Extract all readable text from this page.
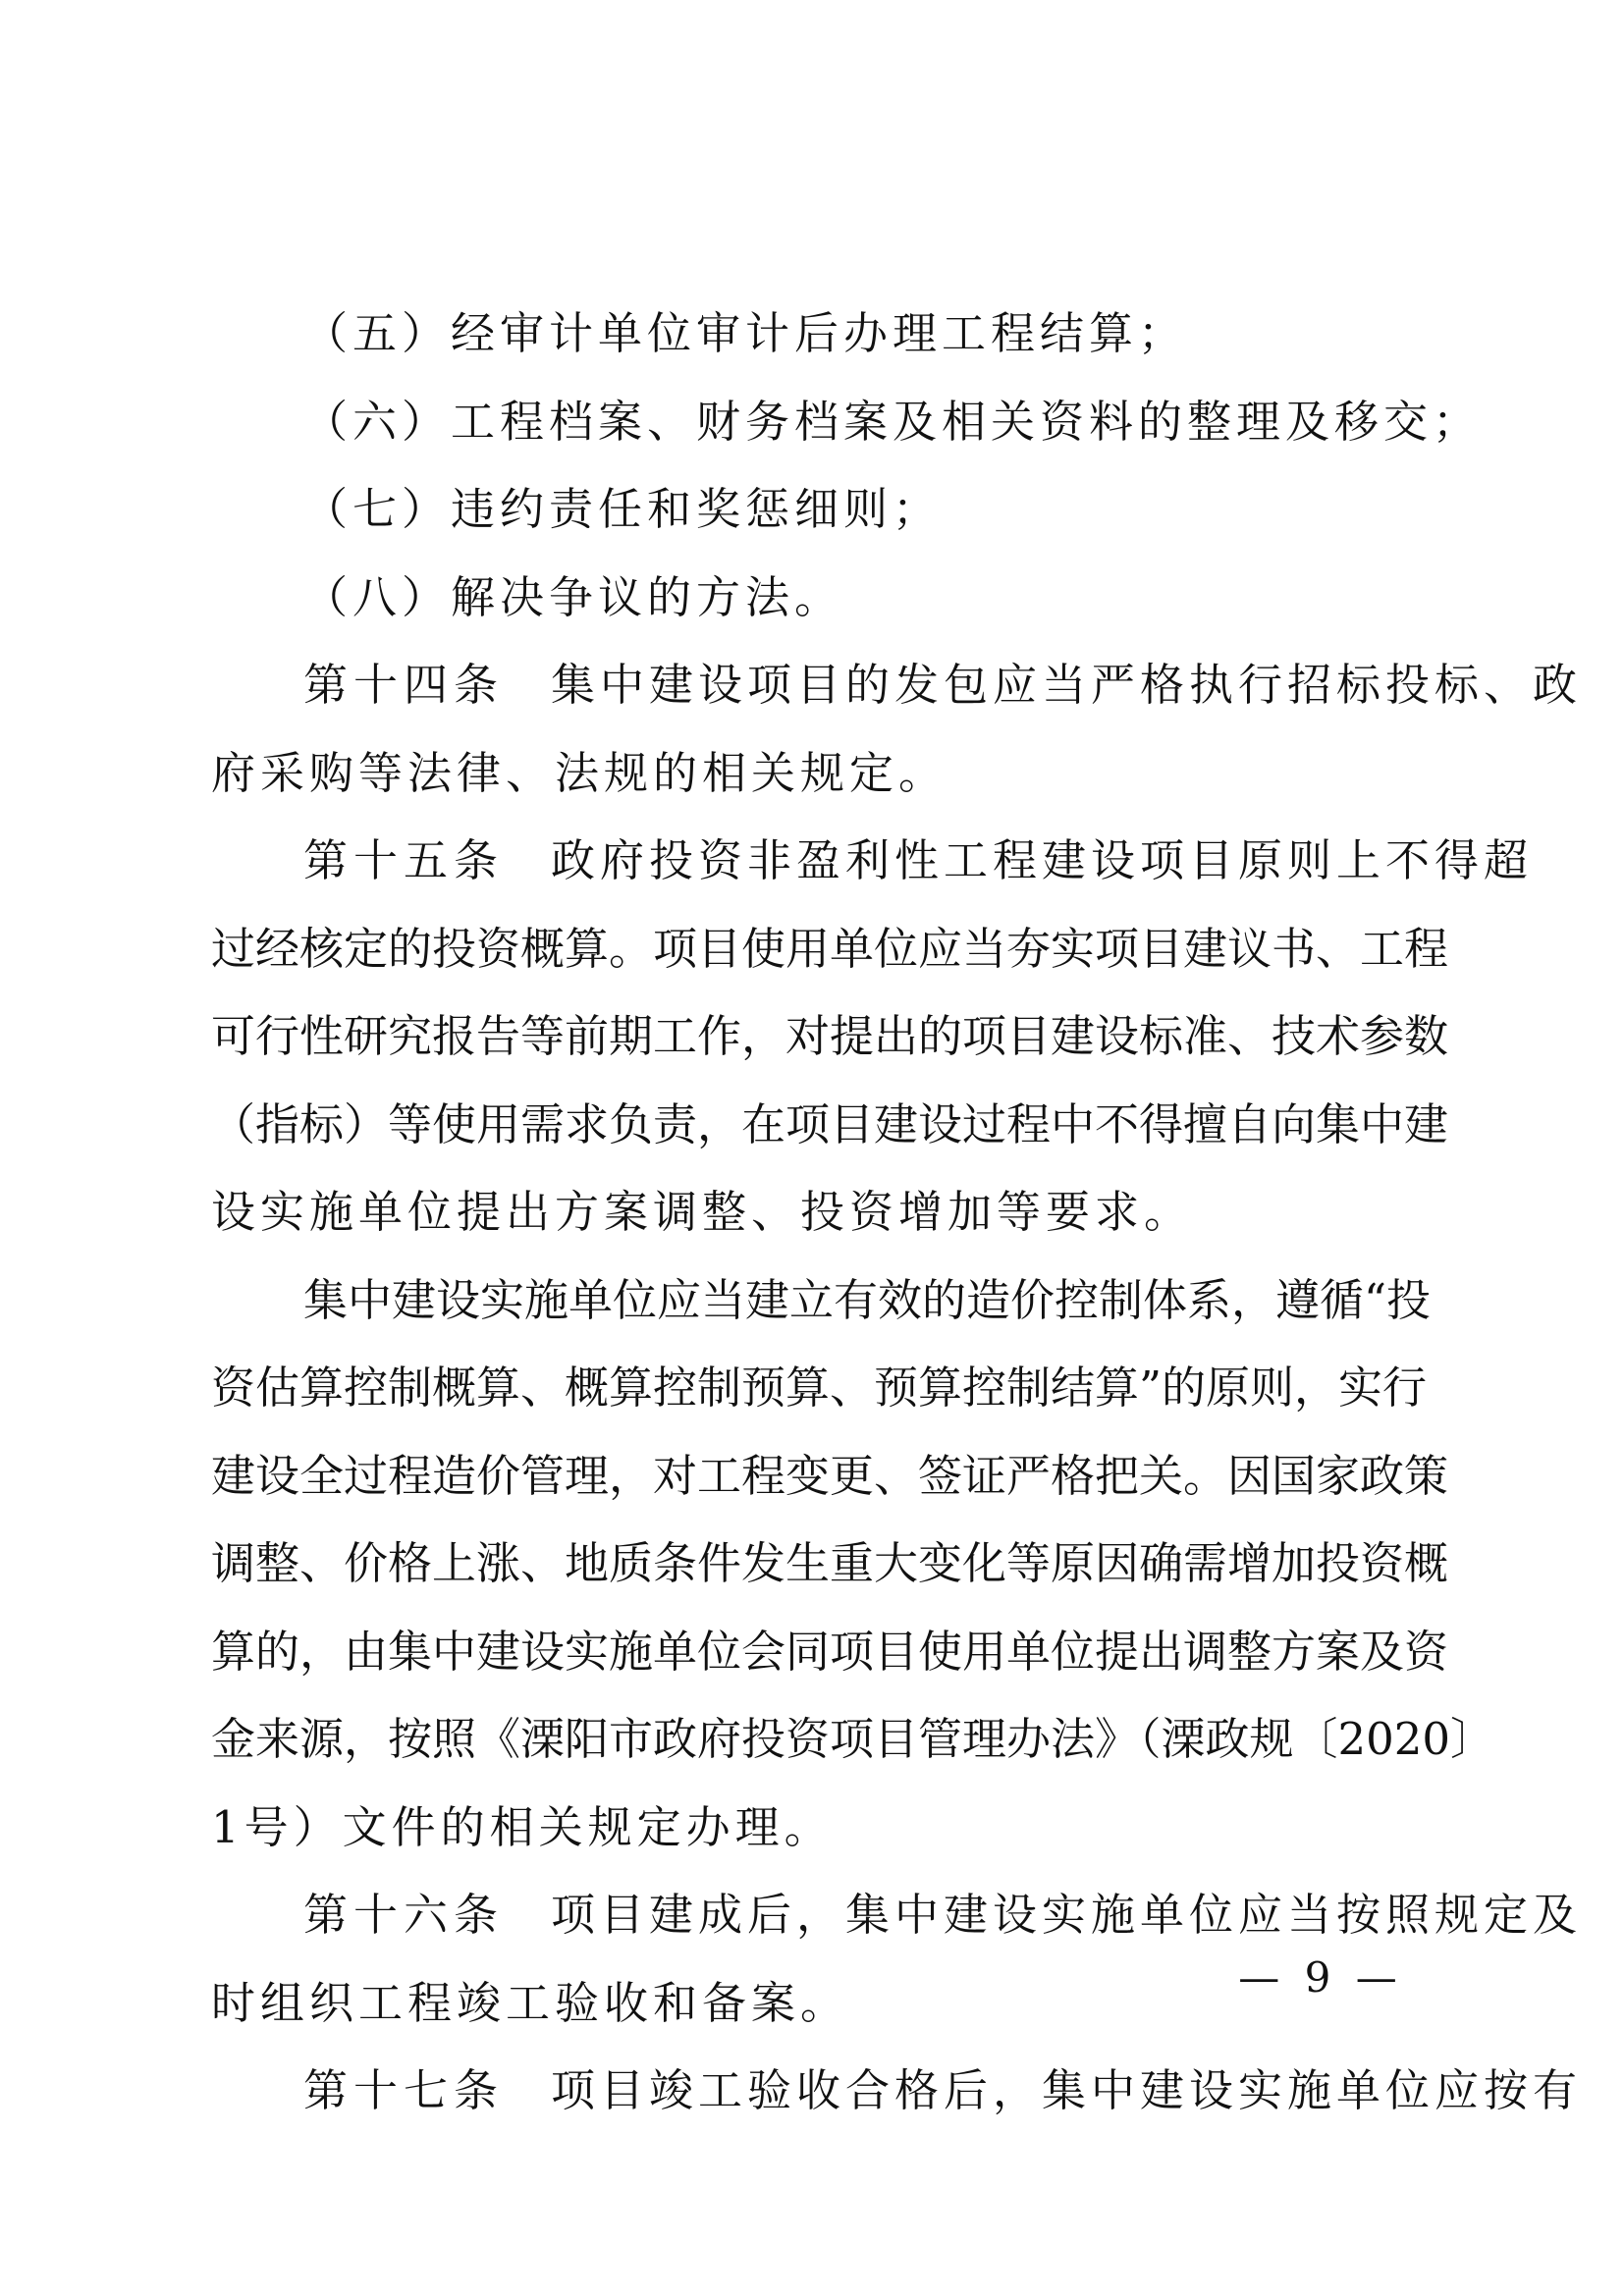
（五）经审计单位审计后办理工程结算；
（六）工程档案、财务档案及相关资料的整理及移交；
（七）违约责任和奖惩细则；
（八）解决争议的方法。
第十四条 集中建设项目的发包应当严格执行招标投标、政
府采购等法律、法规的相关规定。
第十五条 政府投资非盈利性工程建设项目原则上不得超
过经核定的投资概算。项目使用单位应当夯实项目建议书、工程
可行性研究报告等前期工作，对提出的项目建设标准、技术参数
（指标）等使用需求负责，在项目建设过程中不得擅自向集中建
设实施单位提出方案调整、投资增加等要求。
集中建设实施单位应当建立有效的造价控制体系，遵循“投
资估算控制概算、概算控制预算、预算控制结算”的原则，实行
建设全过程造价管理，对工程变更、签证严格把关。因国家政策
调整、价格上涨、地质条件发生重大变化等原因确需增加投资概
算的，由集中建设实施单位会同项目使用单位提出调整方案及资
金来源，按照《溧阳市政府投资项目管理办法》（溧政规〔2020〕
1号）文件的相关规定办理。
第十六条 项目建成后，集中建设实施单位应当按照规定及
时组织工程竣工验收和备案。
第十七条 项目竣工验收合格后，集中建设实施单位应按有
— 9 —
